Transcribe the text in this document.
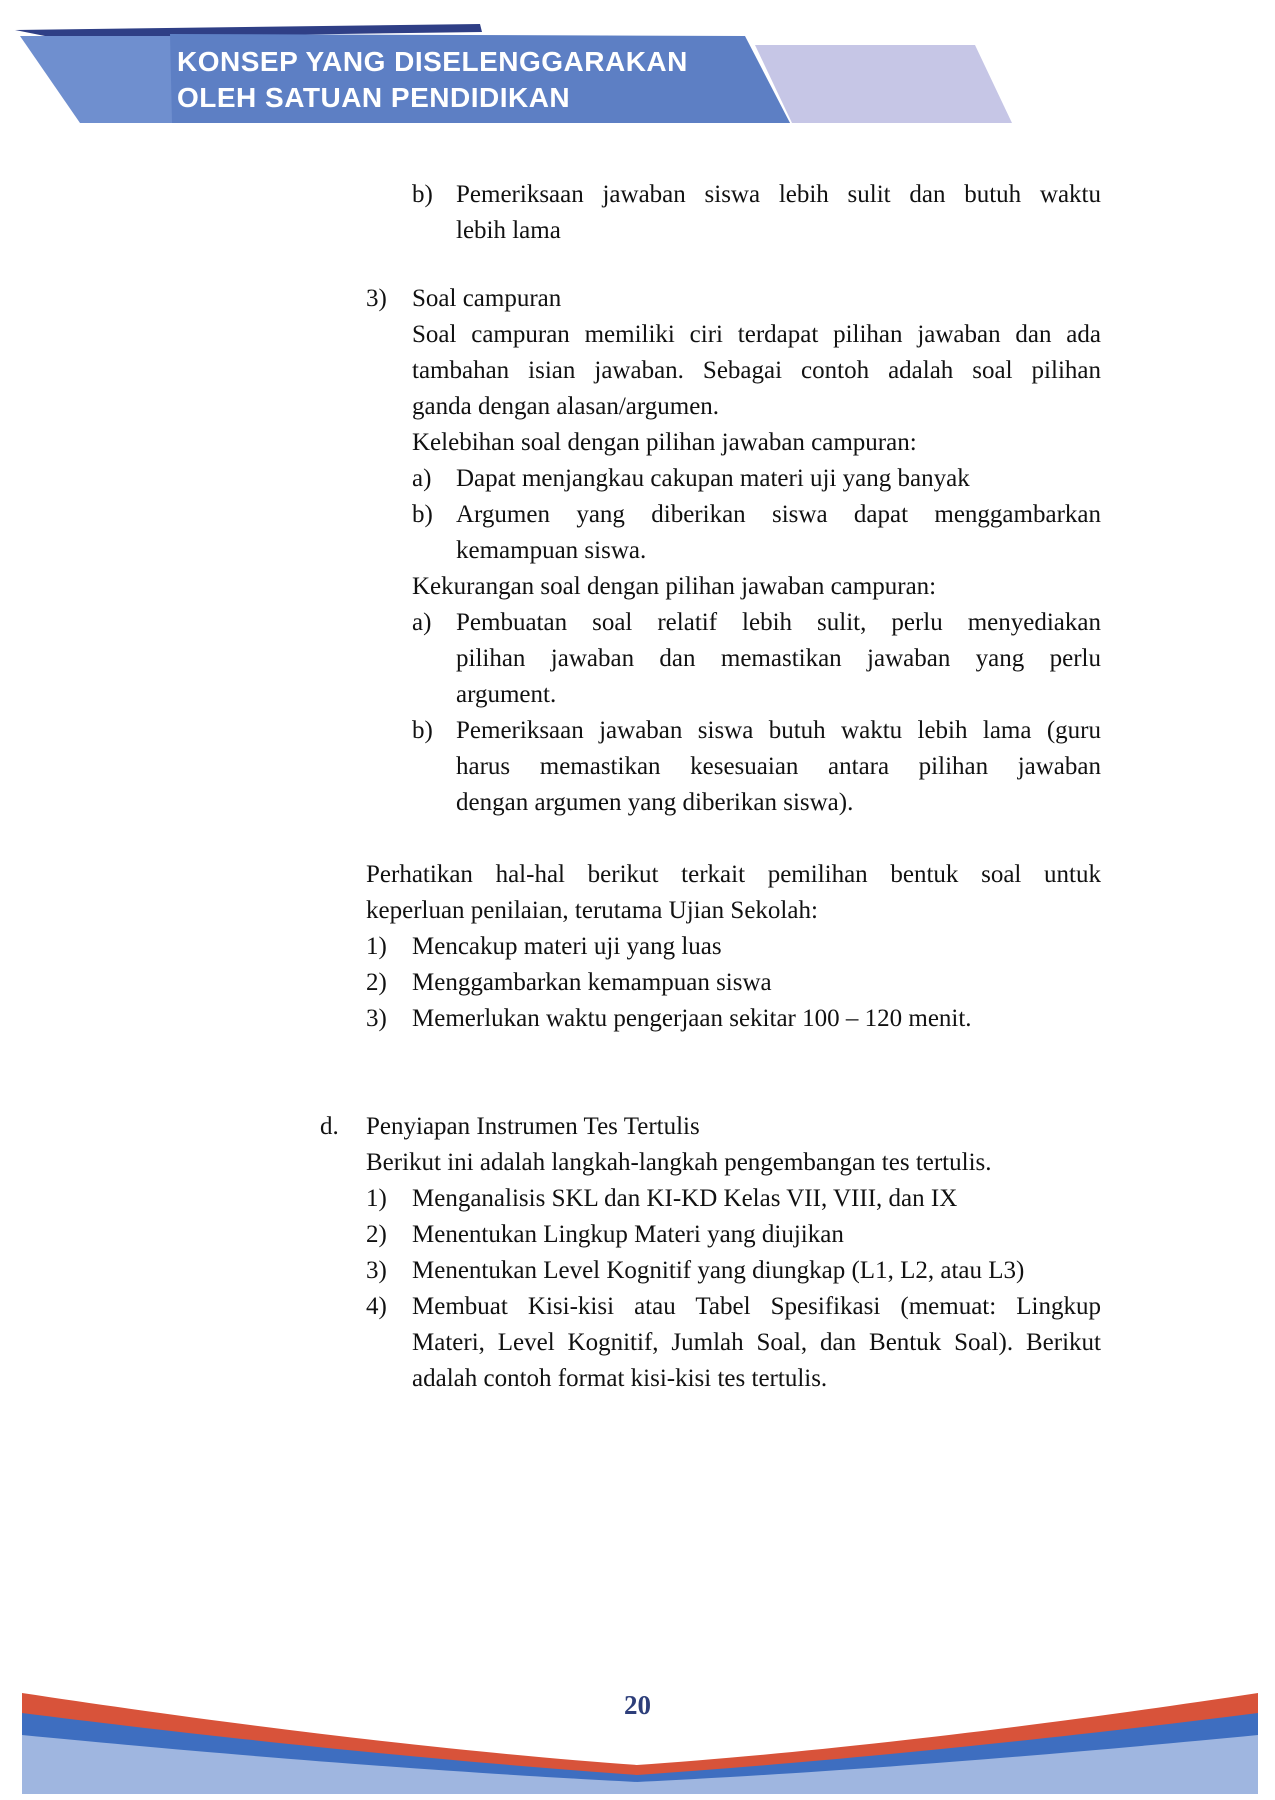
KONSEP YANG DISELENGGARAKAN
OLEH SATUAN PENDIDIKAN
b) Pemeriksaan jawaban siswa lebih sulit dan butuh waktu
lebih lama
3) Soal campuran
Soal campuran memiliki ciri terdapat pilihan jawaban dan ada
tambahan isian jawaban. Sebagai contoh adalah soal pilihan
ganda dengan alasan/argumen.
Kelebihan soal dengan pilihan jawaban campuran:
a) Dapat menjangkau cakupan materi uji yang banyak
b) Argumen yang diberikan siswa dapat menggambarkan
kemampuan siswa.
Kekurangan soal dengan pilihan jawaban campuran:
a) Pembuatan soal relatif lebih sulit, perlu menyediakan
pilihan jawaban dan memastikan jawaban yang perlu
argument.
b) Pemeriksaan jawaban siswa butuh waktu lebih lama (guru
harus memastikan kesesuaian antara pilihan jawaban
dengan argumen yang diberikan siswa).
Perhatikan hal-hal berikut terkait pemilihan bentuk soal untuk
keperluan penilaian, terutama Ujian Sekolah:
1) Mencakup materi uji yang luas
2) Menggambarkan kemampuan siswa
3) Memerlukan waktu pengerjaan sekitar 100 – 120 menit.
d. Penyiapan Instrumen Tes Tertulis
Berikut ini adalah langkah-langkah pengembangan tes tertulis.
1) Menganalisis SKL dan KI-KD Kelas VII, VIII, dan IX
2) Menentukan Lingkup Materi yang diujikan
3) Menentukan Level Kognitif yang diungkap (L1, L2, atau L3)
4) Membuat Kisi-kisi atau Tabel Spesifikasi (memuat: Lingkup
Materi, Level Kognitif, Jumlah Soal, dan Bentuk Soal). Berikut
adalah contoh format kisi-kisi tes tertulis.
20
